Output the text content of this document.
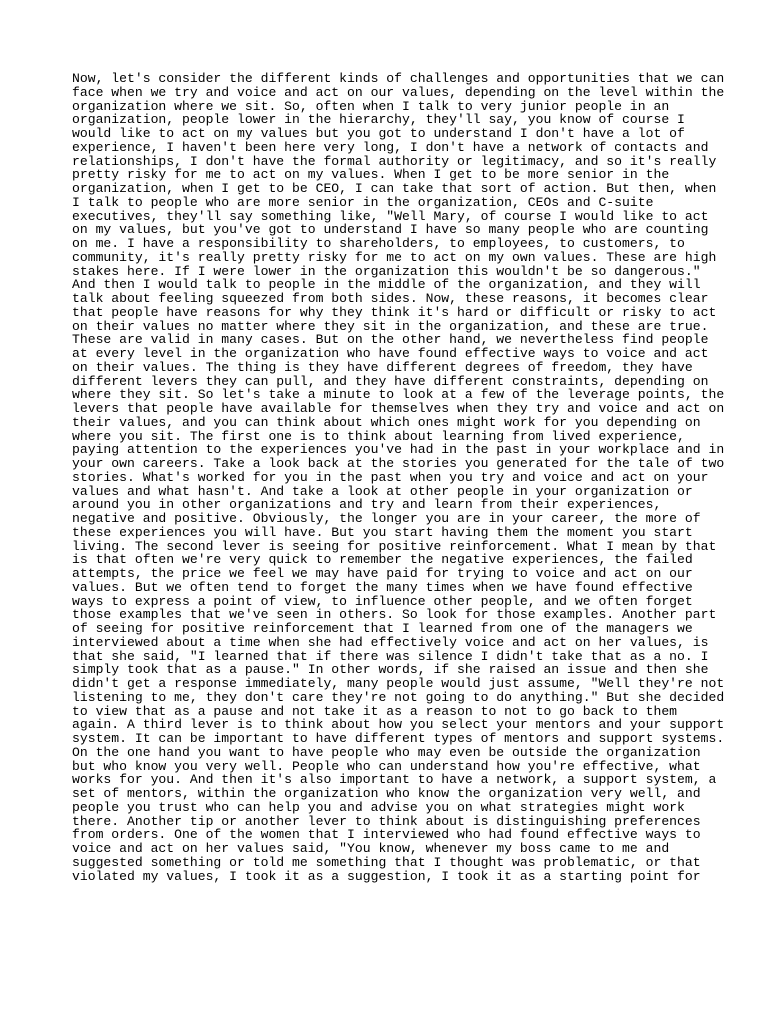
Now, let's consider the different kinds of challenges and opportunities that we can
face when we try and voice and act on our values, depending on the level within the
organization where we sit. So, often when I talk to very junior people in an
organization, people lower in the hierarchy, they'll say, you know of course I
would like to act on my values but you got to understand I don't have a lot of
experience, I haven't been here very long, I don't have a network of contacts and
relationships, I don't have the formal authority or legitimacy, and so it's really
pretty risky for me to act on my values. When I get to be more senior in the
organization, when I get to be CEO, I can take that sort of action. But then, when
I talk to people who are more senior in the organization, CEOs and C-suite
executives, they'll say something like, "Well Mary, of course I would like to act
on my values, but you've got to understand I have so many people who are counting
on me. I have a responsibility to shareholders, to employees, to customers, to
community, it's really pretty risky for me to act on my own values. These are high
stakes here. If I were lower in the organization this wouldn't be so dangerous."
And then I would talk to people in the middle of the organization, and they will
talk about feeling squeezed from both sides. Now, these reasons, it becomes clear
that people have reasons for why they think it's hard or difficult or risky to act
on their values no matter where they sit in the organization, and these are true.
These are valid in many cases. But on the other hand, we nevertheless find people
at every level in the organization who have found effective ways to voice and act
on their values. The thing is they have different degrees of freedom, they have
different levers they can pull, and they have different constraints, depending on
where they sit. So let's take a minute to look at a few of the leverage points, the
levers that people have available for themselves when they try and voice and act on
their values, and you can think about which ones might work for you depending on
where you sit. The first one is to think about learning from lived experience,
paying attention to the experiences you've had in the past in your workplace and in
your own careers. Take a look back at the stories you generated for the tale of two
stories. What's worked for you in the past when you try and voice and act on your
values and what hasn't. And take a look at other people in your organization or
around you in other organizations and try and learn from their experiences,
negative and positive. Obviously, the longer you are in your career, the more of
these experiences you will have. But you start having them the moment you start
living. The second lever is seeing for positive reinforcement. What I mean by that
is that often we're very quick to remember the negative experiences, the failed
attempts, the price we feel we may have paid for trying to voice and act on our
values. But we often tend to forget the many times when we have found effective
ways to express a point of view, to influence other people, and we often forget
those examples that we've seen in others. So look for those examples. Another part
of seeing for positive reinforcement that I learned from one of the managers we
interviewed about a time when she had effectively voice and act on her values, is
that she said, "I learned that if there was silence I didn't take that as a no. I
simply took that as a pause." In other words, if she raised an issue and then she
didn't get a response immediately, many people would just assume, "Well they're not
listening to me, they don't care they're not going to do anything." But she decided
to view that as a pause and not take it as a reason to not to go back to them
again. A third lever is to think about how you select your mentors and your support
system. It can be important to have different types of mentors and support systems.
On the one hand you want to have people who may even be outside the organization
but who know you very well. People who can understand how you're effective, what
works for you. And then it's also important to have a network, a support system, a
set of mentors, within the organization who know the organization very well, and
people you trust who can help you and advise you on what strategies might work
there. Another tip or another lever to think about is distinguishing preferences
from orders. One of the women that I interviewed who had found effective ways to
voice and act on her values said, "You know, whenever my boss came to me and
suggested something or told me something that I thought was problematic, or that
violated my values, I took it as a suggestion, I took it as a starting point for
